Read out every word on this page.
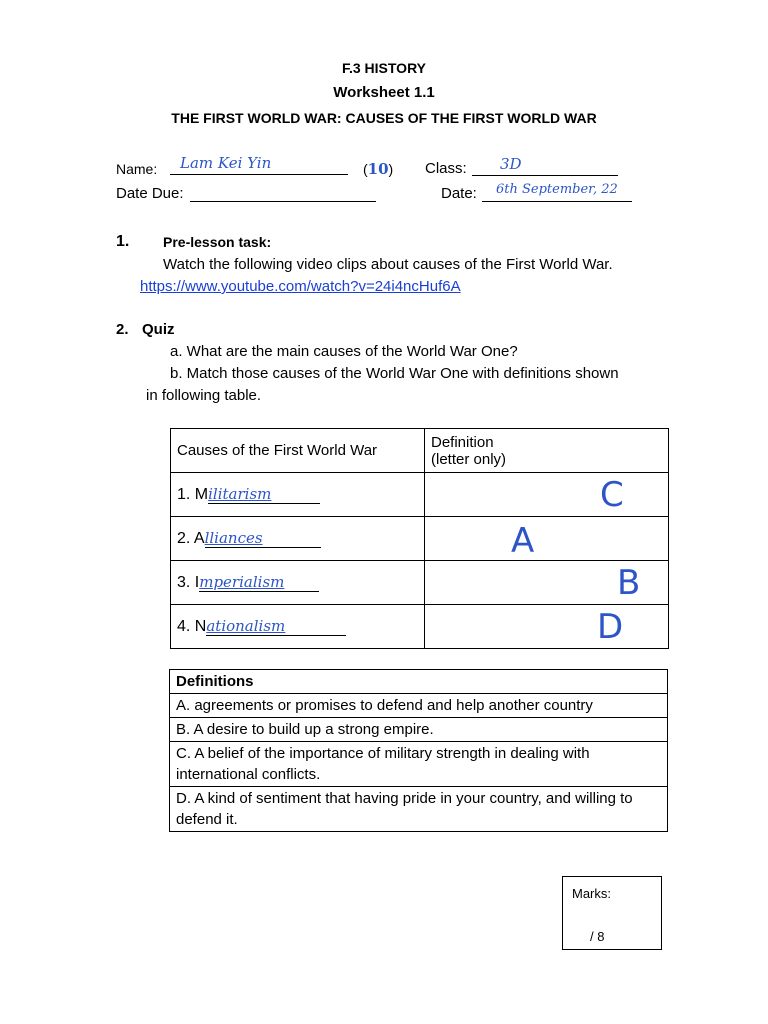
F.3 HISTORY
Worksheet 1.1
THE FIRST WORLD WAR: CAUSES OF THE FIRST WORLD WAR
Name: Lam Kei Yin	(10) Class: 3D
Date Due:	Date: 6th September, 22
1. Pre-lesson task:
Watch the following video clips about causes of the First World War.
https://www.youtube.com/watch?v=24i4ncHuf6A
2. Quiz
a. What are the main causes of the World War One?
b. Match those causes of the World War One with definitions shown
in following table.
Causes of the First World War	Definition
(letter only)

1. Militarism	C

2. Alliances	A

3. Imperialism	B

4. Nationalism	D
Definitions
A. agreements or promises to defend and help another country
B. A desire to build up a strong empire.
C. A belief of the importance of military strength in dealing with international conflicts.
D. A kind of sentiment that having pride in your country, and willing to defend it.
Marks:
/ 8
